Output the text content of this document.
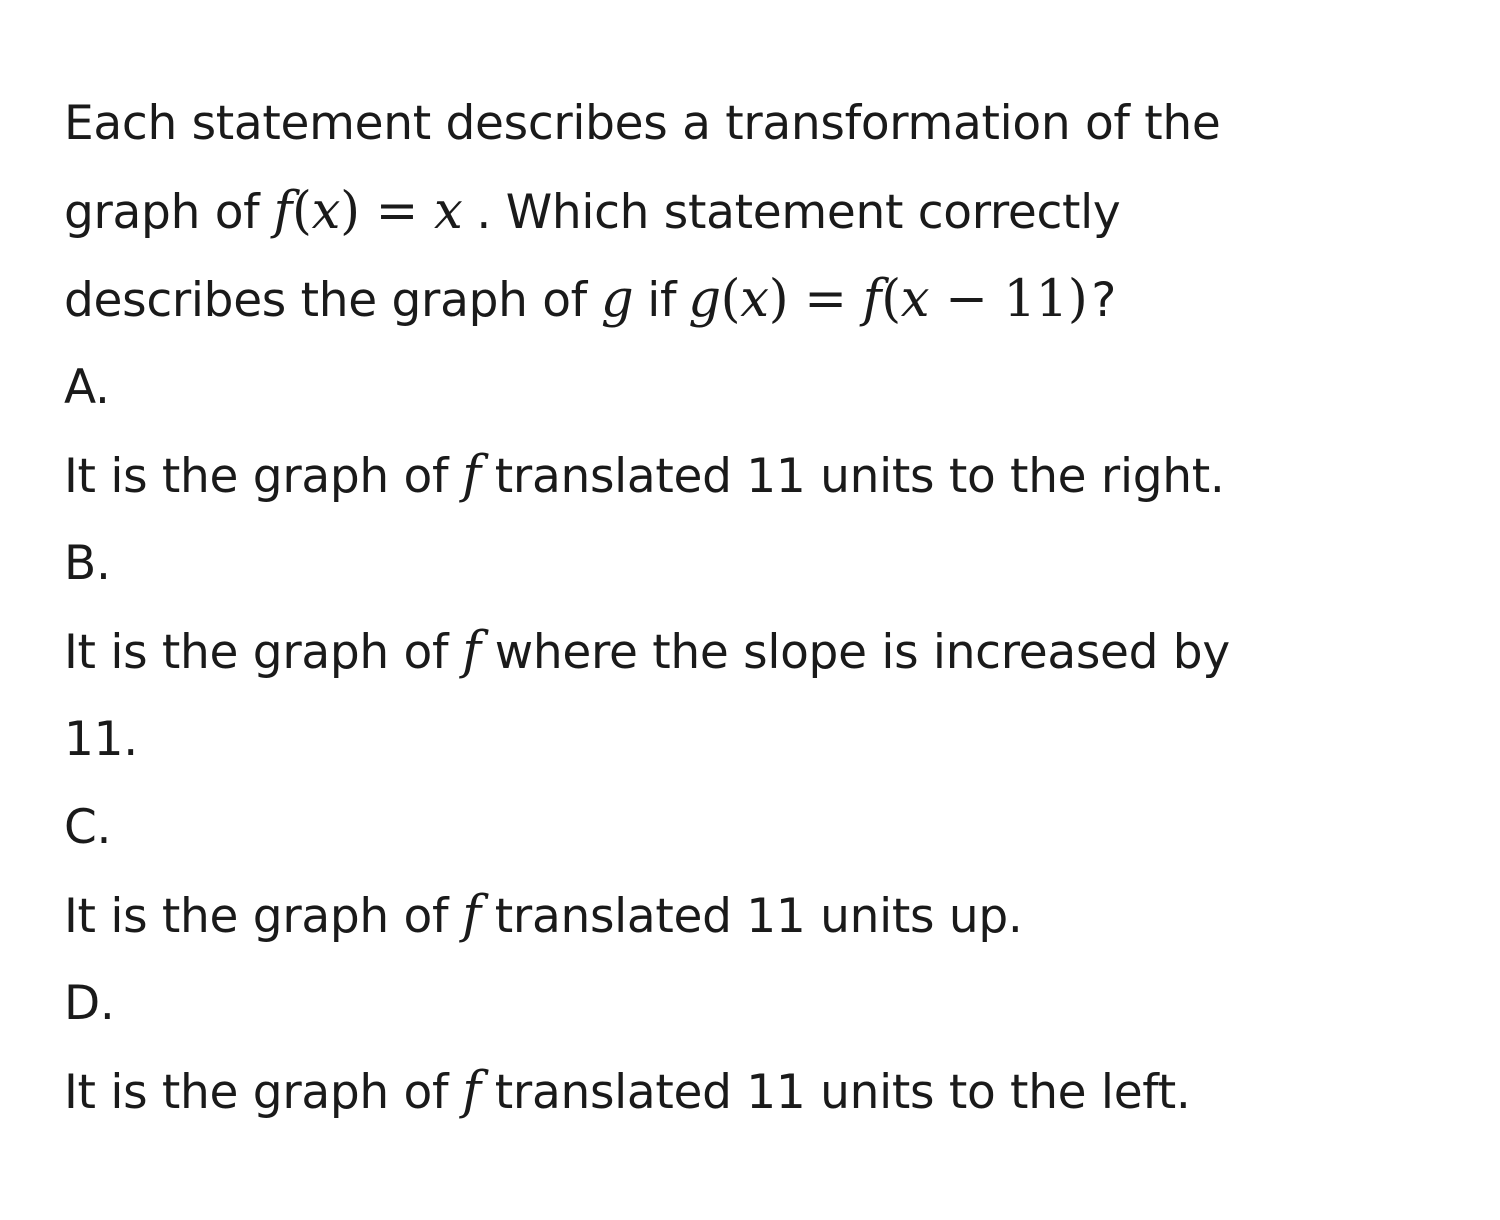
Each statement describes a transformation of the
graph of f(x) = x . Which statement correctly
describes the graph of g if g(x) = f(x − 11)?
A.
It is the graph of f translated 11 units to the right.
B.
It is the graph of f where the slope is increased by
11.
C.
It is the graph of f translated 11 units up.
D.
It is the graph of f translated 11 units to the left.
